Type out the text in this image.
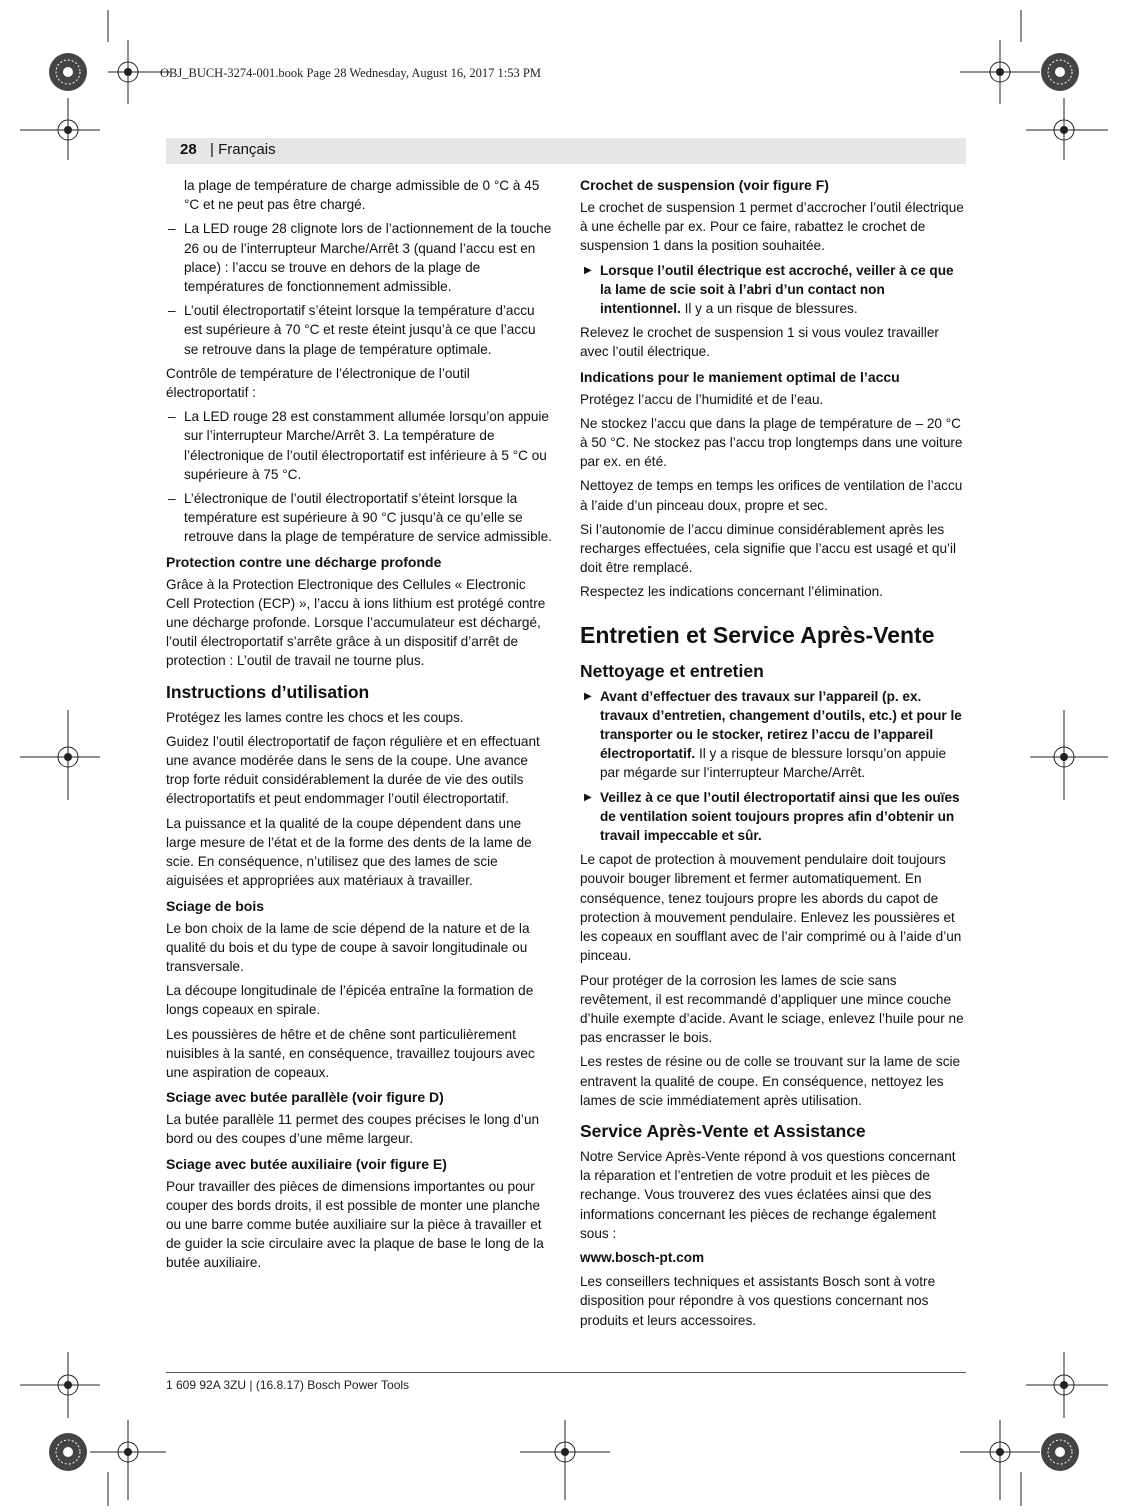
OBJ_BUCH-3274-001.book Page 28 Wednesday, August 16, 2017 1:53 PM
28 | Français

la plage de température de charge admissible de 0 °C à 45 °C et ne peut pas être chargé.

– La LED rouge 28 clignote lors de l’actionnement de la touche 26 ou de l’interrupteur Marche/Arrêt 3 (quand l’accu est en place) : l’accu se trouve en dehors de la plage de températures de fonctionnement admissible.

– L’outil électroportatif s’éteint lorsque la température d’accu est supérieure à 70 °C et reste éteint jusqu’à ce que l’accu se retrouve dans la plage de température optimale.

Contrôle de température de l’électronique de l’outil électroportatif :

– La LED rouge 28 est constamment allumée lorsqu’on appuie sur l’interrupteur Marche/Arrêt 3. La température de l’électronique de l’outil électroportatif est inférieure à 5 °C ou supérieure à 75 °C.

– L’électronique de l’outil électroportatif s’éteint lorsque la température est supérieure à 90 °C jusqu’à ce qu’elle se retrouve dans la plage de température de service admissible.

Protection contre une décharge profonde

Grâce à la Protection Electronique des Cellules « Electronic Cell Protection (ECP) », l’accu à ions lithium est protégé contre une décharge profonde. Lorsque l’accumulateur est déchargé, l’outil électroportatif s’arrête grâce à un dispositif d’arrêt de protection : L’outil de travail ne tourne plus.

Instructions d’utilisation

Protégez les lames contre les chocs et les coups.

Guidez l’outil électroportatif de façon régulière et en effectuant une avance modérée dans le sens de la coupe. Une avance trop forte réduit considérablement la durée de vie des outils électroportatifs et peut endommager l’outil électroportatif.

La puissance et la qualité de la coupe dépendent dans une large mesure de l’état et de la forme des dents de la lame de scie. En conséquence, n’utilisez que des lames de scie aiguisées et appropriées aux matériaux à travailler.

Sciage de bois

Le bon choix de la lame de scie dépend de la nature et de la qualité du bois et du type de coupe à savoir longitudinale ou transversale.

La découpe longitudinale de l’épicéa entraîne la formation de longs copeaux en spirale.

Les poussières de hêtre et de chêne sont particulièrement nuisibles à la santé, en conséquence, travaillez toujours avec une aspiration de copeaux.

Sciage avec butée parallèle (voir figure D)

La butée parallèle 11 permet des coupes précises le long d’un bord ou des coupes d’une même largeur.

Sciage avec butée auxiliaire (voir figure E)

Pour travailler des pièces de dimensions importantes ou pour couper des bords droits, il est possible de monter une planche ou une barre comme butée auxiliaire sur la pièce à travailler et de guider la scie circulaire avec la plaque de base le long de la butée auxiliaire.

Crochet de suspension (voir figure F)

Le crochet de suspension 1 permet d’accrocher l’outil électrique à une échelle par ex. Pour ce faire, rabattez le crochet de suspension 1 dans la position souhaitée.

▶ Lorsque l’outil électrique est accroché, veiller à ce que la lame de scie soit à l’abri d’un contact non intentionnel. Il y a un risque de blessures.

Relevez le crochet de suspension 1 si vous voulez travailler avec l’outil électrique.

Indications pour le maniement optimal de l’accu

Protégez l’accu de l’humidité et de l’eau.

Ne stockez l’accu que dans la plage de température de – 20 °C à 50 °C. Ne stockez pas l’accu trop longtemps dans une voiture par ex. en été.

Nettoyez de temps en temps les orifices de ventilation de l’accu à l’aide d’un pinceau doux, propre et sec.

Si l’autonomie de l’accu diminue considérablement après les recharges effectuées, cela signifie que l’accu est usagé et qu’il doit être remplacé.

Respectez les indications concernant l’élimination.

Entretien et Service Après-Vente
Nettoyage et entretien

▶ Avant d’effectuer des travaux sur l’appareil (p. ex. travaux d’entretien, changement d’outils, etc.) et pour le transporter ou le stocker, retirez l’accu de l’appareil électroportatif. Il y a risque de blessure lorsqu’on appuie par mégarde sur l’interrupteur Marche/Arrêt.

▶ Veillez à ce que l’outil électroportatif ainsi que les ouïes de ventilation soient toujours propres afin d’obtenir un travail impeccable et sûr.

Le capot de protection à mouvement pendulaire doit toujours pouvoir bouger librement et fermer automatiquement. En conséquence, tenez toujours propre les abords du capot de protection à mouvement pendulaire. Enlevez les poussières et les copeaux en soufflant avec de l’air comprimé ou à l’aide d’un pinceau.

Pour protéger de la corrosion les lames de scie sans revêtement, il est recommandé d’appliquer une mince couche d’huile exempte d’acide. Avant le sciage, enlevez l’huile pour ne pas encrasser le bois.

Les restes de résine ou de colle se trouvant sur la lame de scie entravent la qualité de coupe. En conséquence, nettoyez les lames de scie immédiatement après utilisation.

Service Après-Vente et Assistance

Notre Service Après-Vente répond à vos questions concernant la réparation et l’entretien de votre produit et les pièces de rechange. Vous trouverez des vues éclatées ainsi que des informations concernant les pièces de rechange également sous :

www.bosch-pt.com

Les conseillers techniques et assistants Bosch sont à votre disposition pour répondre à vos questions concernant nos produits et leurs accessoires.

1 609 92A 3ZU | (16.8.17) Bosch Power Tools
